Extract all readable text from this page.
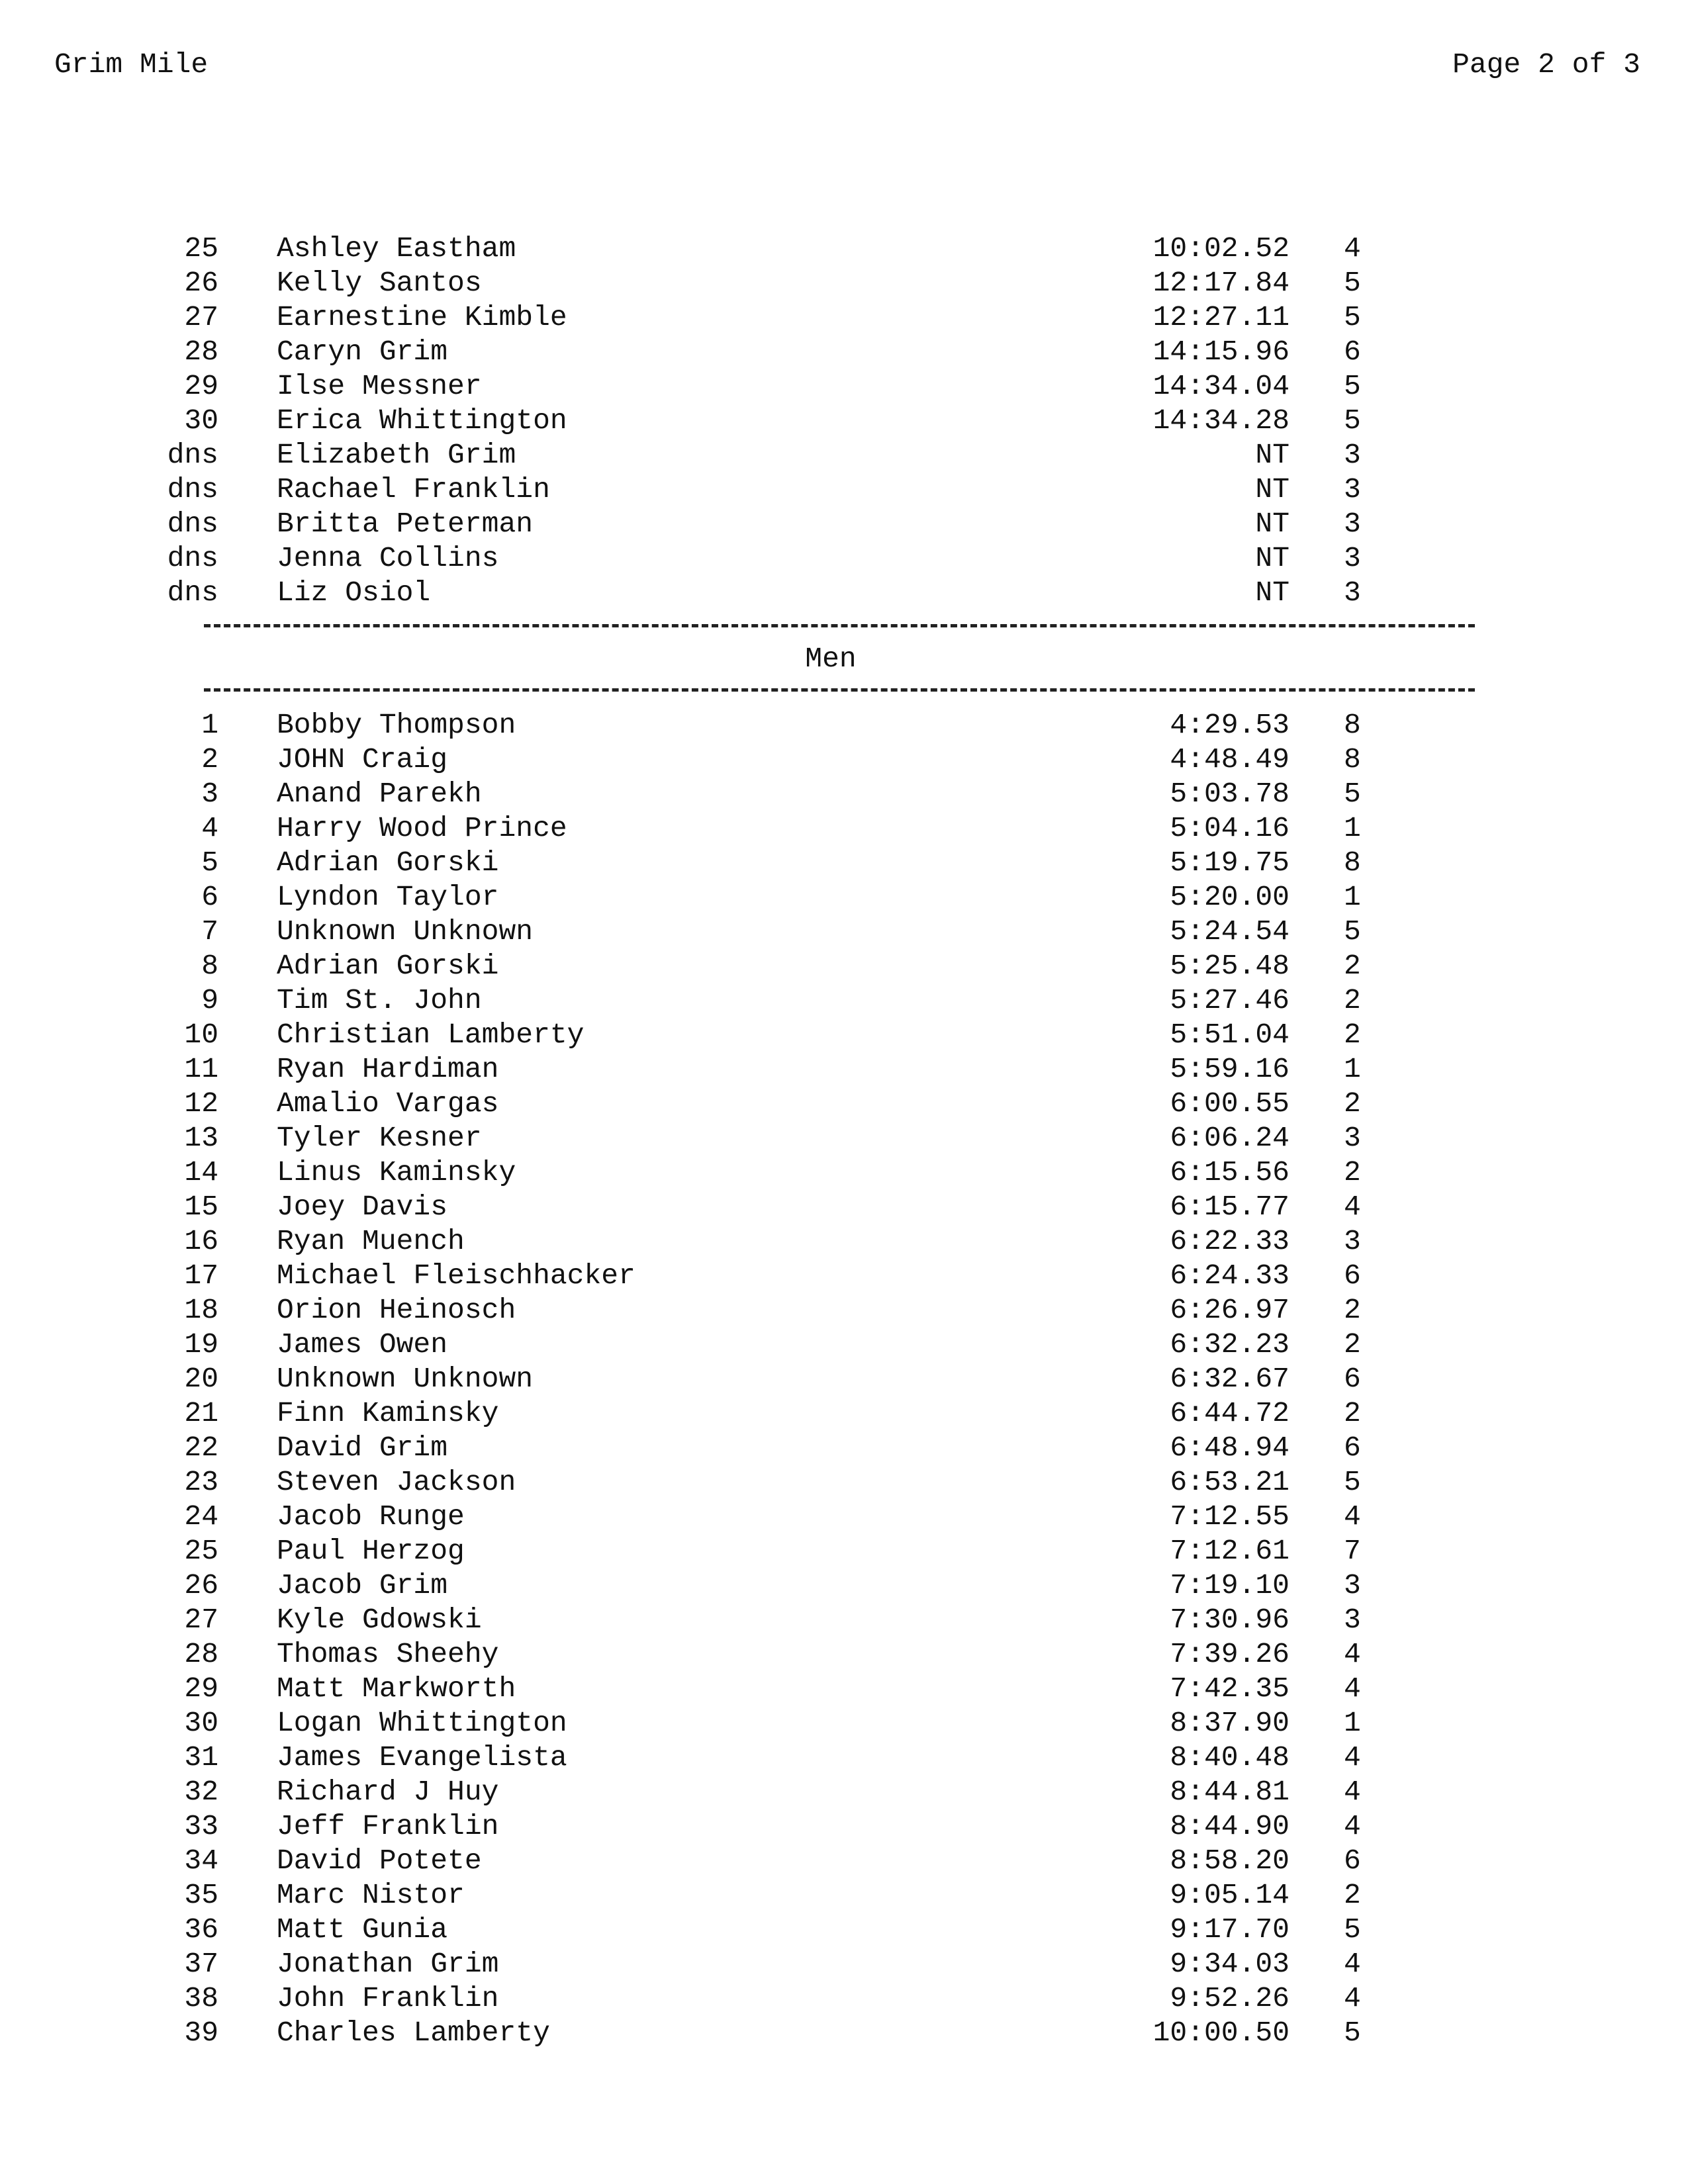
Grim Mile	Page 2 of 3
25 Ashley Eastham	10:02.52 4
26 Kelly Santos	12:17.84 5
27 Earnestine Kimble	12:27.11 5
28 Caryn Grim	14:15.96 6
29 Ilse Messner	14:34.04 5
30 Erica Whittington	14:34.28 5
dns Elizabeth Grim	NT 3
dns Rachael Franklin	NT 3
dns Britta Peterman	NT 3
dns Jenna Collins	NT 3
dns Liz Osiol	NT 3
Men
1 Bobby Thompson	4:29.53 8
2 JOHN Craig	4:48.49 8
3 Anand Parekh	5:03.78 5
4 Harry Wood Prince	5:04.16 1
5 Adrian Gorski	5:19.75 8
6 Lyndon Taylor	5:20.00 1
7 Unknown Unknown	5:24.54 5
8 Adrian Gorski	5:25.48 2
9 Tim St. John	5:27.46 2
10 Christian Lamberty	5:51.04 2
11 Ryan Hardiman	5:59.16 1
12 Amalio Vargas	6:00.55 2
13 Tyler Kesner	6:06.24 3
14 Linus Kaminsky	6:15.56 2
15 Joey Davis	6:15.77 4
16 Ryan Muench	6:22.33 3
17 Michael Fleischhacker	6:24.33 6
18 Orion Heinosch	6:26.97 2
19 James Owen	6:32.23 2
20 Unknown Unknown	6:32.67 6
21 Finn Kaminsky	6:44.72 2
22 David Grim	6:48.94 6
23 Steven Jackson	6:53.21 5
24 Jacob Runge	7:12.55 4
25 Paul Herzog	7:12.61 7
26 Jacob Grim	7:19.10 3
27 Kyle Gdowski	7:30.96 3
28 Thomas Sheehy	7:39.26 4
29 Matt Markworth	7:42.35 4
30 Logan Whittington	8:37.90 1
31 James Evangelista	8:40.48 4
32 Richard J Huy	8:44.81 4
33 Jeff Franklin	8:44.90 4
34 David Potete	8:58.20 6
35 Marc Nistor	9:05.14 2
36 Matt Gunia	9:17.70 5
37 Jonathan Grim	9:34.03 4
38 John Franklin	9:52.26 4
39 Charles Lamberty	10:00.50 5
